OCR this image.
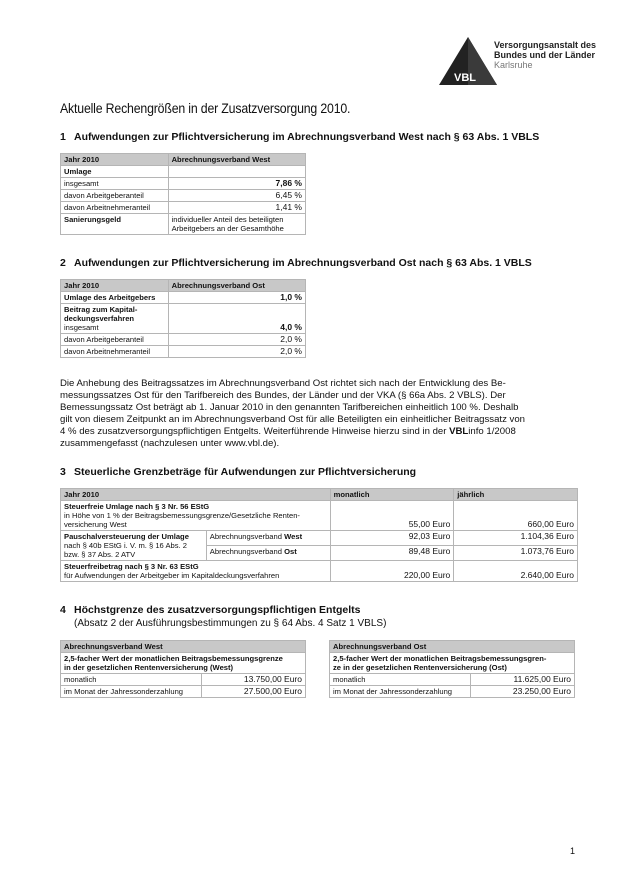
VBL
Versorgungsanstalt des
Bundes und der Länder
Karlsruhe
Aktuelle Rechengrößen in der Zusatzversorgung 2010.
1 Aufwendungen zur Pflichtversicherung im Abrechnungsverband West nach § 63 Abs. 1 VBLS
Jahr 2010	Abrechnungsverband West
Umlage	
insgesamt	7,86 %
davon Arbeitgeberanteil	6,45 %
davon Arbeitnehmeranteil	1,41 %
Sanierungsgeld	individueller Anteil des beteiligten Arbeitgebers an der Gesamthöhe
2 Aufwendungen zur Pflichtversicherung im Abrechnungsverband Ost nach § 63 Abs. 1 VBLS
Jahr 2010	Abrechnungsverband Ost
Umlage des Arbeitgebers	1,0 %

Beitrag zum Kapital-
deckungsverfahren
insgesamt	4,0 %
davon Arbeitgeberanteil	2,0 %
davon Arbeitnehmeranteil	2,0 %
Die Anhebung des Beitragssatzes im Abrechnungsverband Ost richtet sich nach der Entwicklung des Be-
messungssatzes Ost für den Tarifbereich des Bundes, der Länder und der VKA (§ 66a Abs. 2 VBLS). Der
Bemessungssatz Ost beträgt ab 1. Januar 2010 in den genannten Tarifbereichen einheitlich 100 %. Deshalb
gilt von diesem Zeitpunkt an im Abrechnungsverband Ost für alle Beteiligten ein einheitlicher Beitragssatz von
4 % des zusatzversorgungspflichtigen Entgelts. Weiterführende Hinweise hierzu sind in der VBLinfo 1/2008
zusammengefasst (nachzulesen unter www.vbl.de).
3 Steuerliche Grenzbeträge für Aufwendungen zur Pflichtversicherung
Jahr 2010		monatlich	jährlich

Steuerfreie Umlage nach § 3 Nr. 56 EStG
in Höhe von 1 % der Beitragsbemessungsgrenze/Gesetzliche Renten-
versicherung West		55,00 Euro	660,00 Euro

Pauschalversteuerung der Umlage
nach § 40b EStG i. V. m. § 16 Abs. 2
bzw. § 37 Abs. 2 ATV	Abrechnungsverband West	92,03 Euro	1.104,36 Euro
	Abrechnungsverband Ost	89,48 Euro	1.073,76 Euro

Steuerfreibetrag nach § 3 Nr. 63 EStG
für Aufwendungen der Arbeitgeber im Kapitaldeckungsverfahren		220,00 Euro	2.640,00 Euro
4 Höchstgrenze des zusatzversorgungspflichtigen Entgelts
(Absatz 2 der Ausführungsbestimmungen zu § 64 Abs. 4 Satz 1 VBLS)
Abrechnungsverband West	

2,5-facher Wert der monatlichen Beitragsbemessungsgrenze
in der gesetzlichen Rentenversicherung (West)	

monatlich	13.750,00 Euro
im Monat der Jahressonderzahlung	27.500,00 Euro
Abrechnungsverband Ost	

2,5-facher Wert der monatlichen Beitragsbemessungsgren-
ze in der gesetzlichen Rentenversicherung (Ost)	

monatlich	11.625,00 Euro
im Monat der Jahressonderzahlung	23.250,00 Euro
1
